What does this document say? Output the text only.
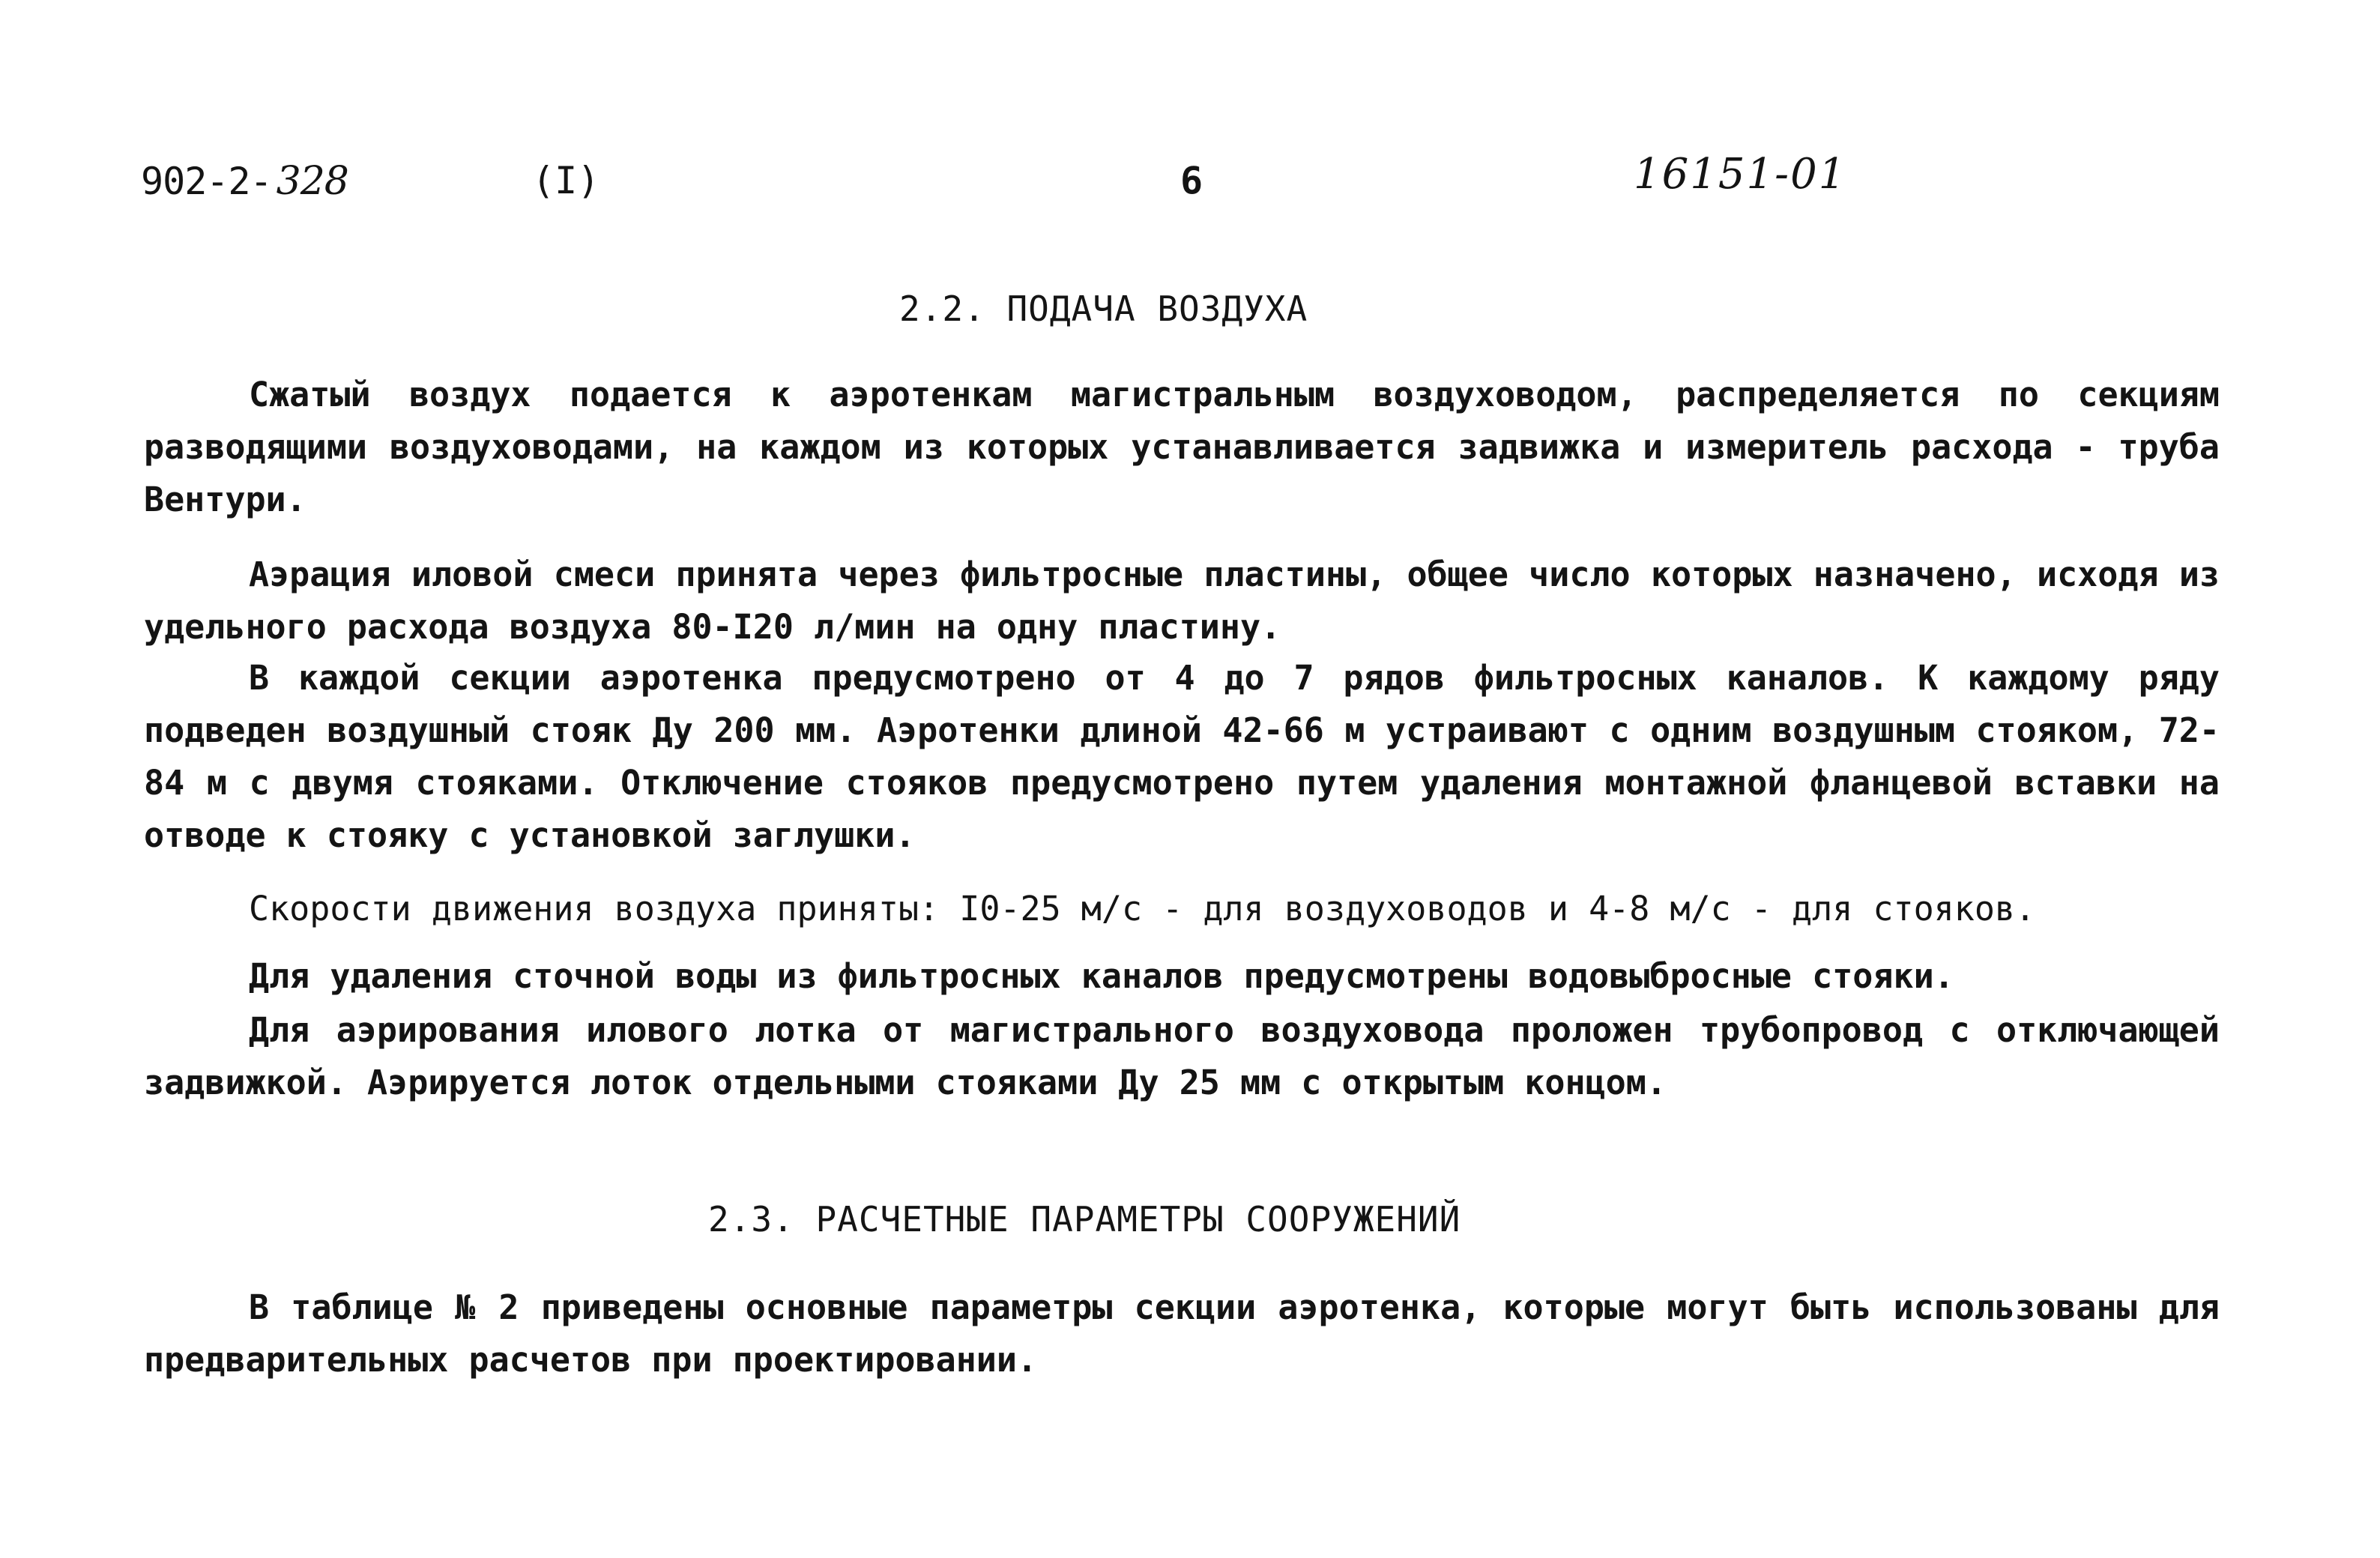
902-2- 328	(I)	6	16151-01
2.2. ПОДАЧА ВОЗДУХА

Сжатый воздух подается к аэротенкам магистральным воздуховодом, распределяется по секциям разводящими воздуховодами, на каждом из которых устанавливается задвижка и измеритель расхода - труба Вентури.

Аэрация иловой смеси принята через фильтросные пластины, общее число которых назначено, исходя из удельного расхода воздуха 80-I20 л/мин на одну пластину.

В каждой секции аэротенка предусмотрено от 4 до 7 рядов фильтросных каналов. К каждому ряду подведен воздушный стояк Ду 200 мм. Аэротенки длиной 42-66 м устраивают с одним воздушным стояком, 72-84 м с двумя стояками. Отключение стояков предусмотрено путем удаления монтажной фланцевой вставки на отводе к стояку с установкой заглушки.

Скорости движения воздуха приняты: I0-25 м/с - для воздуховодов и 4-8 м/с - для стояков.

Для удаления сточной воды из фильтросных каналов предусмотрены водовыбросные стояки.

Для аэрирования илового лотка от магистрального воздуховода проложен трубопровод с отключающей задвижкой. Аэрируется лоток отдельными стояками Ду 25 мм с открытым концом.

2.3. РАСЧЕТНЫЕ ПАРАМЕТРЫ СООРУЖЕНИЙ

В таблице № 2 приведены основные параметры секции аэротенка, которые могут быть использованы для предварительных расчетов при проектировании.
